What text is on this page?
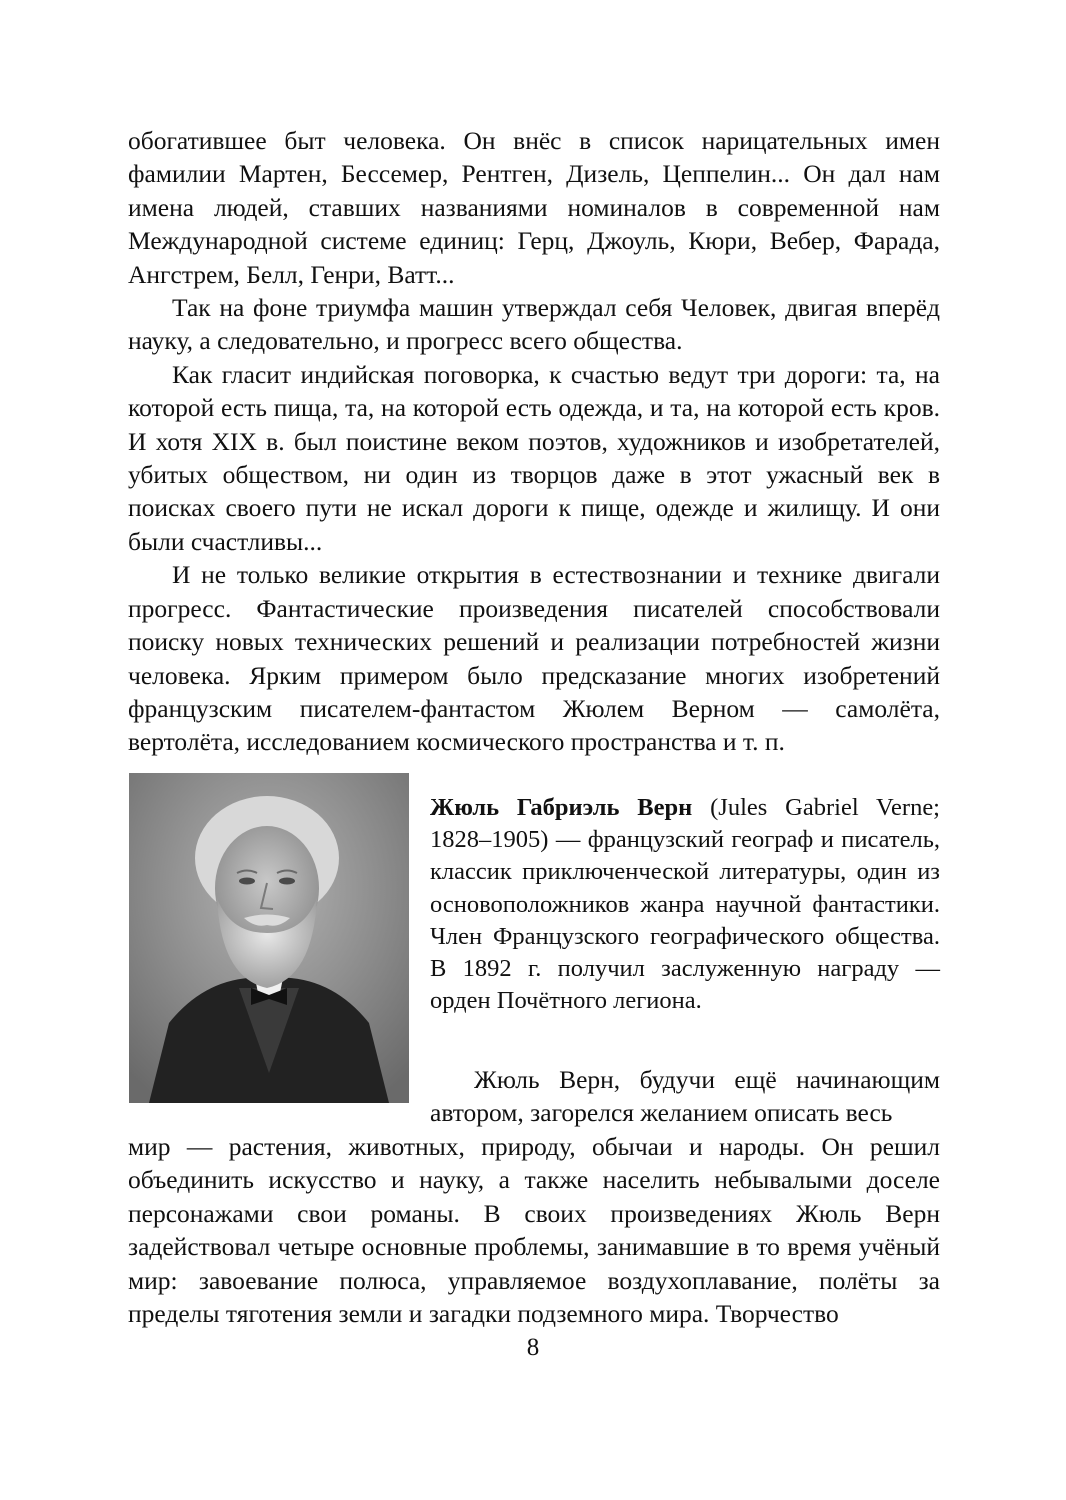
обогатившее быт человека. Он внёс в список нарицательных имен фамилии Мартен, Бессемер, Рентген, Дизель, Цеппелин... Он дал нам имена людей, ставших названиями номиналов в современной нам Международной системе единиц: Герц, Джоуль, Кюри, Вебер, Фарада, Ангстрем, Белл, Генри, Ватт...

Так на фоне триумфа машин утверждал себя Человек, двигая вперёд науку, а следовательно, и прогресс всего общества.

Как гласит индийская поговорка, к счастью ведут три дороги: та, на которой есть пища, та, на которой есть одежда, и та, на которой есть кров. И хотя XIX в. был поистине веком поэтов, художников и изобретателей, убитых обществом, ни один из творцов даже в этот ужасный век в поисках своего пути не искал дороги к пище, одежде и жилищу. И они были счастливы...

И не только великие открытия в естествознании и технике двигали прогресс. Фантастические произведения писателей способствовали поиску новых технических решений и реализации потребностей жизни человека. Ярким примером было предсказание многих изобретений французским писателем-фантастом Жюлем Верном — самолёта, вертолёта, исследованием космического пространства и т. п.

Жюль Габриэль Верн (Jules Gabriel Verne; 1828–1905) — французский географ и писатель, классик приключенческой литературы, один из основоположников жанра научной фантастики. Член Французского географического общества. В 1892 г. получил заслуженную награду — орден Почётного легиона.

Жюль Верн, будучи ещё начинающим автором, загорелся желанием описать весь

мир — растения, животных, природу, обычаи и народы. Он решил объединить искусство и науку, а также населить небывалыми доселе персонажами свои романы. В своих произведениях Жюль Верн задействовал четыре основные проблемы, занимавшие в то время учёный мир: завоевание полюса, управляемое воздухоплавание, полёты за пределы тяготения земли и загадки подземного мира. Творчество

8
